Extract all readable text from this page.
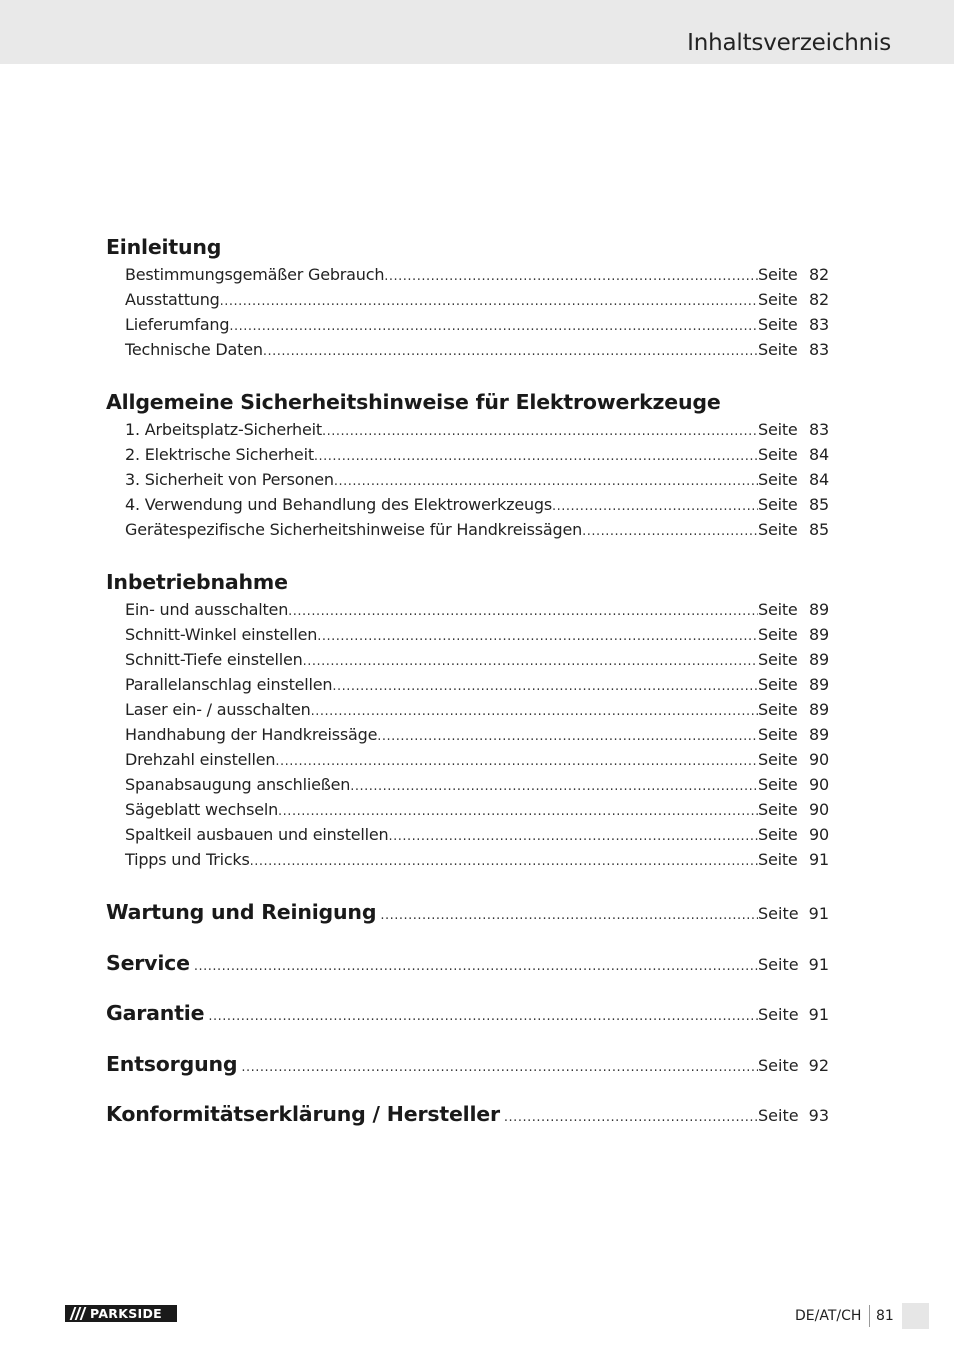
Inhaltsverzeichnis
Einleitung
Bestimmungsgemäßer Gebrauch .....	Seite 82
Ausstattung .....	Seite 82
Lieferumfang .....	Seite 83
Technische Daten .....	Seite 83
Allgemeine Sicherheitshinweise für Elektrowerkzeuge
1. Arbeitsplatz-Sicherheit .....	Seite 83
2. Elektrische Sicherheit .....	Seite 84
3. Sicherheit von Personen .....	Seite 84
4. Verwendung und Behandlung des Elektrowerkzeugs .....	Seite 85
Gerätespezifische Sicherheitshinweise für Handkreissägen .....	Seite 85
Inbetriebnahme
Ein- und ausschalten .....	Seite 89
Schnitt-Winkel einstellen .....	Seite 89
Schnitt-Tiefe einstellen .....	Seite 89
Parallelanschlag einstellen .....	Seite 89
Laser ein- / ausschalten .....	Seite 89
Handhabung der Handkreissäge .....	Seite 89
Drehzahl einstellen .....	Seite 90
Spanabsaugung anschließen .....	Seite 90
Sägeblatt wechseln .....	Seite 90
Spaltkeil ausbauen und einstellen .....	Seite 90
Tipps und Tricks .....	Seite 91
Wartung und Reinigung .....	Seite 91
Service .....	Seite 91
Garantie .....	Seite 91
Entsorgung .....	Seite 92
Konformitätserklärung / Hersteller .....	Seite 93
PARKSIDE	DE/AT/CH 81
